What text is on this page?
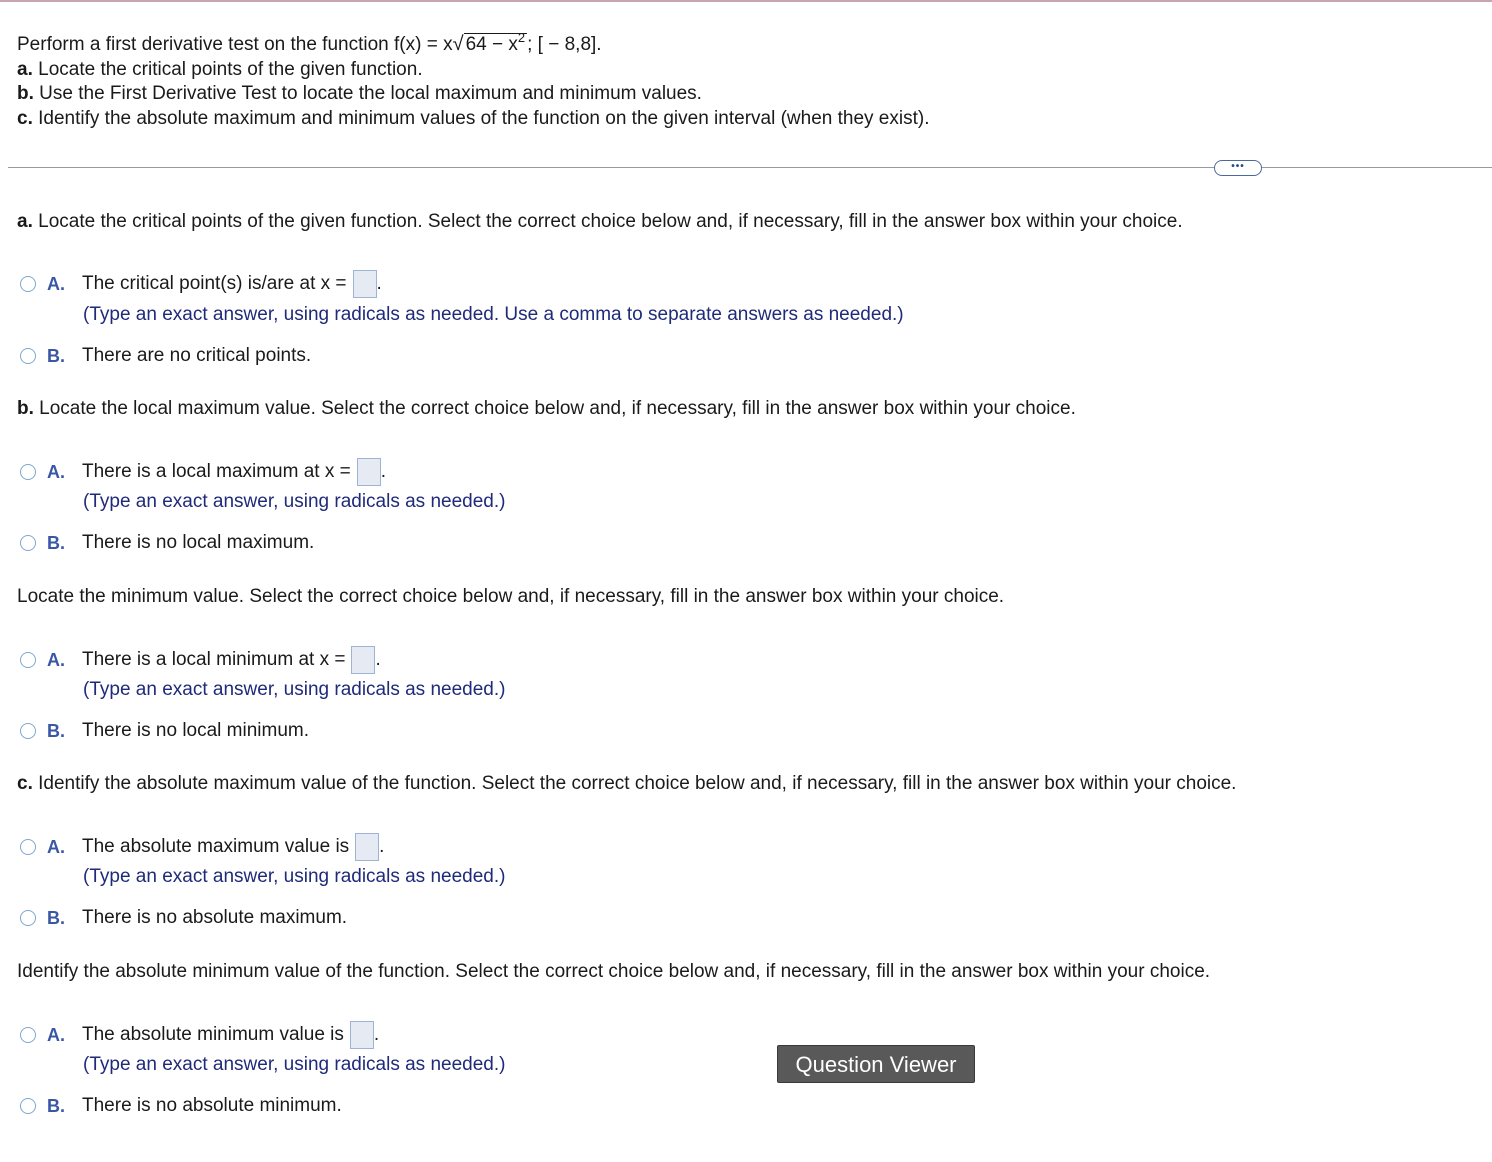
Perform a first derivative test on the function f(x) = x√ $64 - x^2$ ; [ − 8,8].
a. Locate the critical points of the given function.
b. Use the First Derivative Test to locate the local maximum and minimum values.
c. Identify the absolute maximum and minimum values of the function on the given interval (when they exist).
•••
a. Locate the critical points of the given function. Select the correct choice below and, if necessary, fill in the answer box within your choice.
A. The critical point(s) is/are at x = .
(Type an exact answer, using radicals as needed. Use a comma to separate answers as needed.)
B. There are no critical points.
b. Locate the local maximum value. Select the correct choice below and, if necessary, fill in the answer box within your choice.
A. There is a local maximum at x = .
(Type an exact answer, using radicals as needed.)
B. There is no local maximum.
Locate the minimum value. Select the correct choice below and, if necessary, fill in the answer box within your choice.
A. There is a local minimum at x = .
(Type an exact answer, using radicals as needed.)
B. There is no local minimum.
c. Identify the absolute maximum value of the function. Select the correct choice below and, if necessary, fill in the answer box within your choice.
A. The absolute maximum value is .
(Type an exact answer, using radicals as needed.)
B. There is no absolute maximum.
Identify the absolute minimum value of the function. Select the correct choice below and, if necessary, fill in the answer box within your choice.
A. The absolute minimum value is .
(Type an exact answer, using radicals as needed.)
B. There is no absolute minimum.
Question Viewer
